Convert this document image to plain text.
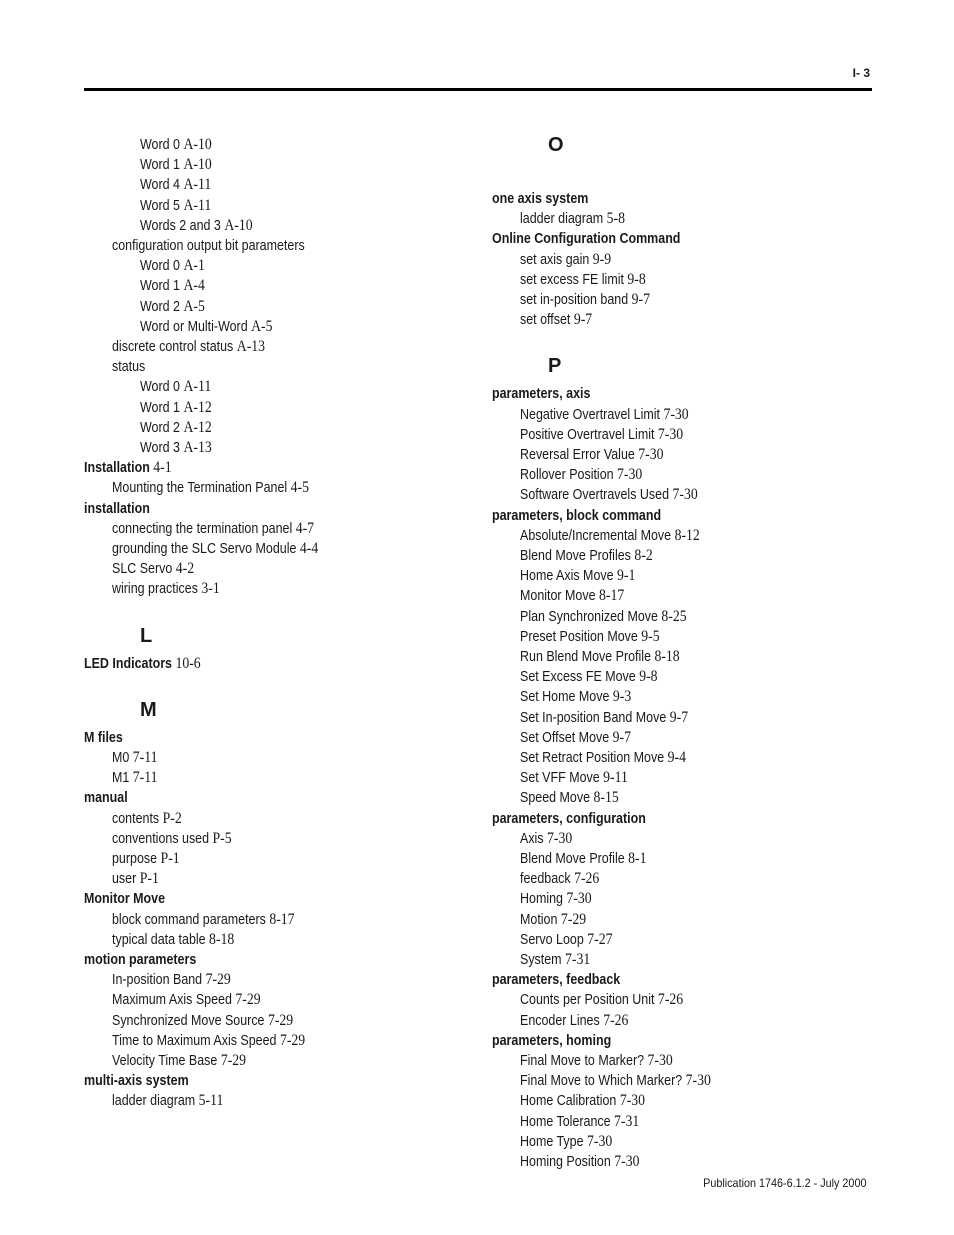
I- 3
Word 0 A-10
Word 1 A-10
Word 4 A-11
Word 5 A-11
Words 2 and 3 A-10
configuration output bit parameters
Word 0 A-1
Word 1 A-4
Word 2 A-5
Word or Multi-Word A-5
discrete control status A-13
status
Word 0 A-11
Word 1 A-12
Word 2 A-12
Word 3 A-13
Installation 4-1
Mounting the Termination Panel 4-5
installation
connecting the termination panel 4-7
grounding the SLC Servo Module 4-4
SLC Servo 4-2
wiring practices 3-1
L
LED Indicators 10-6
M
M files
M0 7-11
M1 7-11
manual
contents P-2
conventions used P-5
purpose P-1
user P-1
Monitor Move
block command parameters 8-17
typical data table 8-18
motion parameters
In-position Band 7-29
Maximum Axis Speed 7-29
Synchronized Move Source 7-29
Time to Maximum Axis Speed 7-29
Velocity Time Base 7-29
multi-axis system
ladder diagram 5-11
O
one axis system
ladder diagram 5-8
Online Configuration Command
set axis gain 9-9
set excess FE limit 9-8
set in-position band 9-7
set offset 9-7
P
parameters, axis
Negative Overtravel Limit 7-30
Positive Overtravel Limit 7-30
Reversal Error Value 7-30
Rollover Position 7-30
Software Overtravels Used 7-30
parameters, block command
Absolute/Incremental Move 8-12
Blend Move Profiles 8-2
Home Axis Move 9-1
Monitor Move 8-17
Plan Synchronized Move 8-25
Preset Position Move 9-5
Run Blend Move Profile 8-18
Set Excess FE Move 9-8
Set Home Move 9-3
Set In-position Band Move 9-7
Set Offset Move 9-7
Set Retract Position Move 9-4
Set VFF Move 9-11
Speed Move 8-15
parameters, configuration
Axis 7-30
Blend Move Profile 8-1
feedback 7-26
Homing 7-30
Motion 7-29
Servo Loop 7-27
System 7-31
parameters, feedback
Counts per Position Unit 7-26
Encoder Lines 7-26
parameters, homing
Final Move to Marker? 7-30
Final Move to Which Marker? 7-30
Home Calibration 7-30
Home Tolerance 7-31
Home Type 7-30
Homing Position 7-30
Publication 1746-6.1.2 - July 2000
